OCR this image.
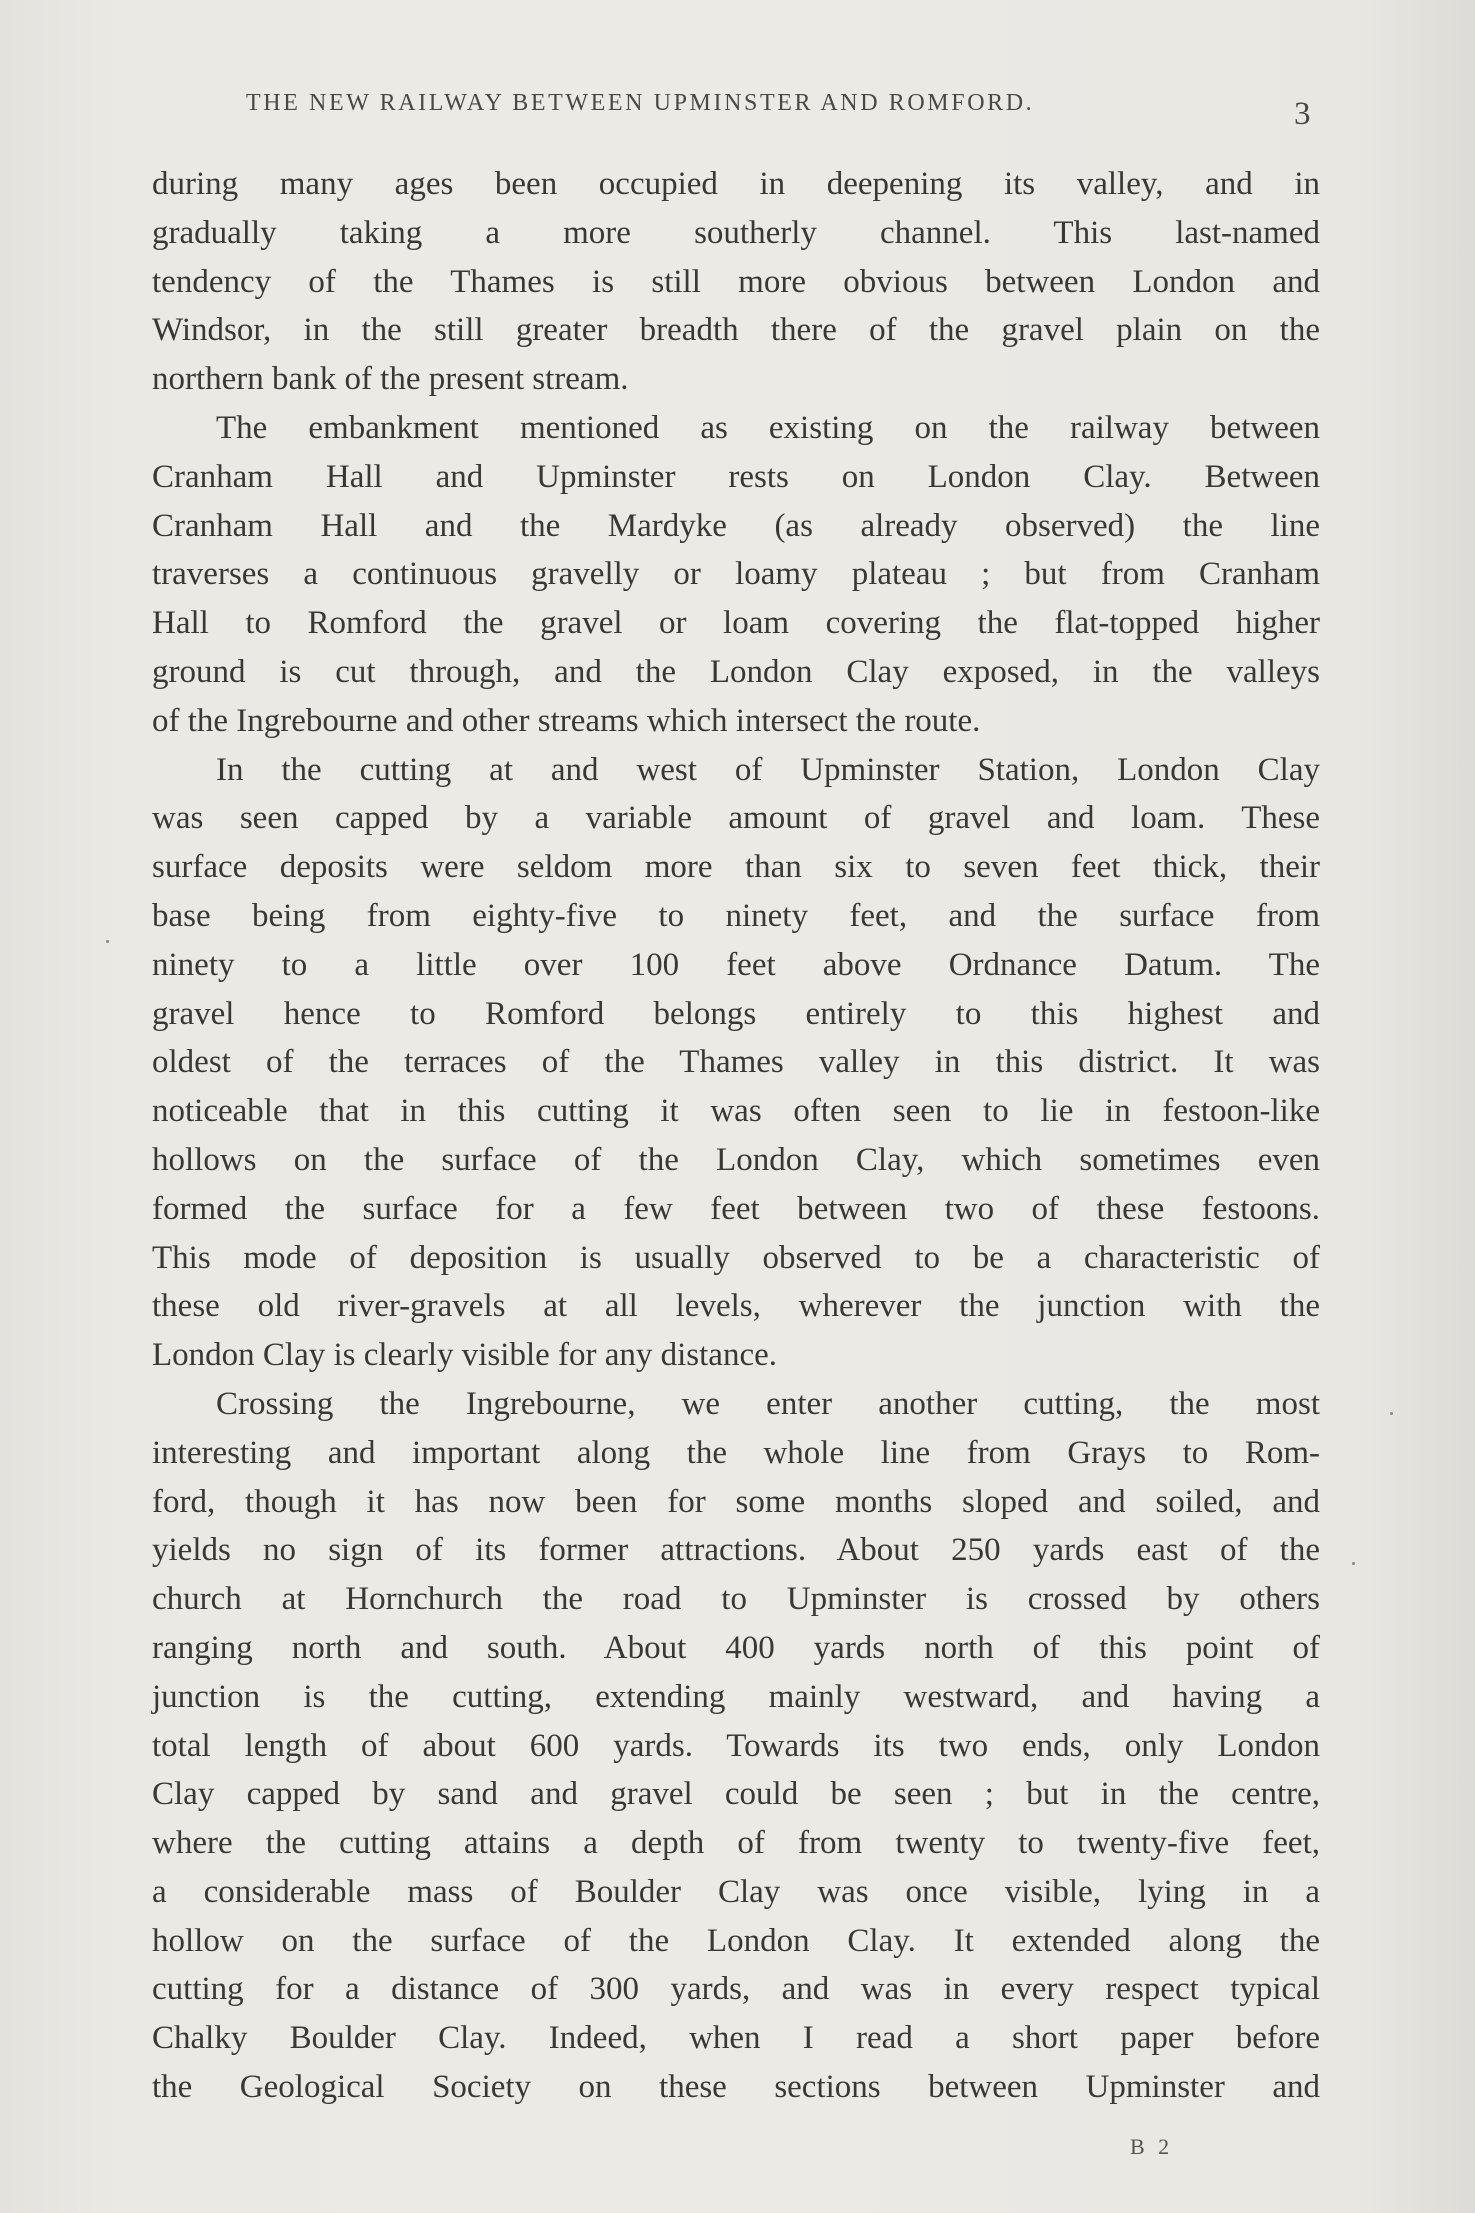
THE NEW RAILWAY BETWEEN UPMINSTER AND ROMFORD.	3
during many ages been occupied in deepening its valley, and in
gradually taking a more southerly channel. This last-named
tendency of the Thames is still more obvious between London and
Windsor, in the still greater breadth there of the gravel plain on the
northern bank of the present stream.
The embankment mentioned as existing on the railway between
Cranham Hall and Upminster rests on London Clay. Between
Cranham Hall and the Mardyke (as already observed) the line
traverses a continuous gravelly or loamy plateau ; but from Cranham
Hall to Romford the gravel or loam covering the flat-topped higher
ground is cut through, and the London Clay exposed, in the valleys
of the Ingrebourne and other streams which intersect the route.
In the cutting at and west of Upminster Station, London Clay
was seen capped by a variable amount of gravel and loam. These
surface deposits were seldom more than six to seven feet thick, their
base being from eighty-five to ninety feet, and the surface from
ninety to a little over 100 feet above Ordnance Datum. The
gravel hence to Romford belongs entirely to this highest and
oldest of the terraces of the Thames valley in this district. It was
noticeable that in this cutting it was often seen to lie in festoon-like
hollows on the surface of the London Clay, which sometimes even
formed the surface for a few feet between two of these festoons.
This mode of deposition is usually observed to be a characteristic of
these old river-gravels at all levels, wherever the junction with the
London Clay is clearly visible for any distance.
Crossing the Ingrebourne, we enter another cutting, the most
interesting and important along the whole line from Grays to Rom-
ford, though it has now been for some months sloped and soiled, and
yields no sign of its former attractions. About 250 yards east of the
church at Hornchurch the road to Upminster is crossed by others
ranging north and south. About 400 yards north of this point of
junction is the cutting, extending mainly westward, and having a
total length of about 600 yards. Towards its two ends, only London
Clay capped by sand and gravel could be seen ; but in the centre,
where the cutting attains a depth of from twenty to twenty-five feet,
a considerable mass of Boulder Clay was once visible, lying in a
hollow on the surface of the London Clay. It extended along the
cutting for a distance of 300 yards, and was in every respect typical
Chalky Boulder Clay. Indeed, when I read a short paper before
the Geological Society on these sections between Upminster and
B 2
